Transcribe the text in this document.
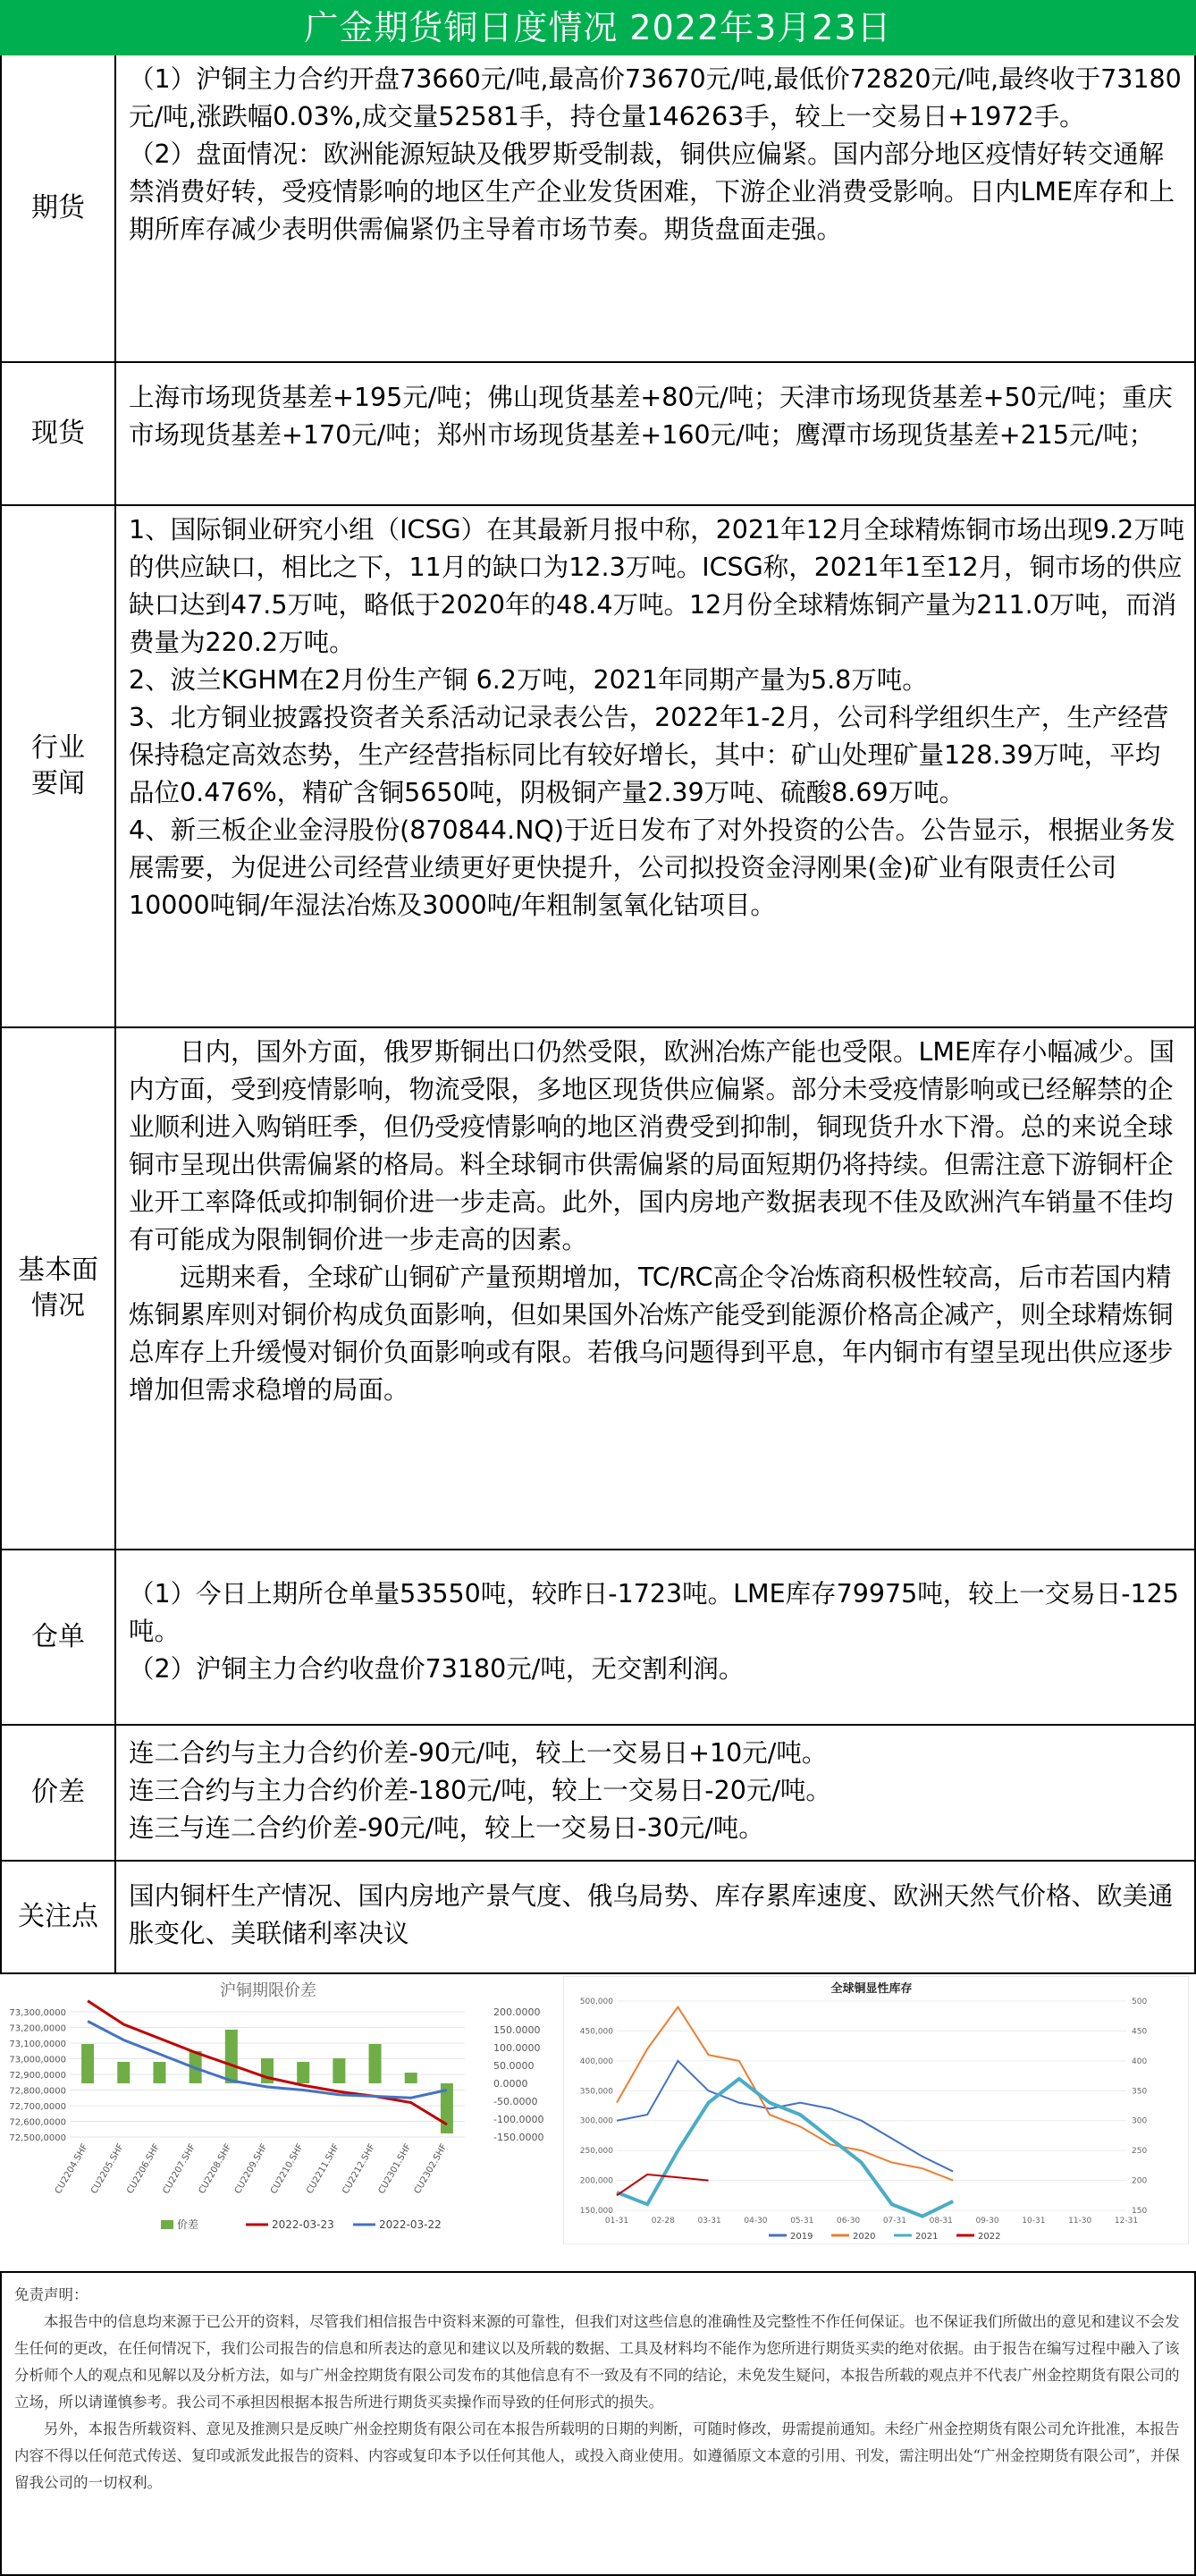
广金期货铜日度情况 2022年3月23日
期货

（1）沪铜主力合约开盘73660元/吨,最高价73670元/吨,最低价72820元/吨,最终收于73180元/吨,涨跌幅0.03%,成交量52581手，持仓量146263手，较上一交易日+1972手。

（2）盘面情况：欧洲能源短缺及俄罗斯受制裁，铜供应偏紧。国内部分地区疫情好转交通解禁消费好转，受疫情影响的地区生产企业发货困难，下游企业消费受影响。日内LME库存和上期所库存减少表明供需偏紧仍主导着市场节奏。期货盘面走强。

现货

上海市场现货基差+195元/吨；佛山现货基差+80元/吨；天津市场现货基差+50元/吨；重庆市场现货基差+170元/吨；郑州市场现货基差+160元/吨；鹰潭市场现货基差+215元/吨；

行业要闻

1、国际铜业研究小组（ICSG）在其最新月报中称，2021年12月全球精炼铜市场出现9.2万吨的供应缺口，相比之下，11月的缺口为12.3万吨。ICSG称，2021年1至12月，铜市场的供应缺口达到47.5万吨，略低于2020年的48.4万吨。12月份全球精炼铜产量为211.0万吨，而消费量为220.2万吨。

2、波兰KGHM在2月份生产铜 6.2万吨，2021年同期产量为5.8万吨。

3、北方铜业披露投资者关系活动记录表公告，2022年1-2月，公司科学组织生产，生产经营保持稳定高效态势，生产经营指标同比有较好增长，其中：矿山处理矿量128.39万吨，平均品位0.476%，精矿含铜5650吨，阴极铜产量2.39万吨、硫酸8.69万吨。

4、新三板企业金浔股份(870844.NQ)于近日发布了对外投资的公告。公告显示，根据业务发展需要，为促进公司经营业绩更好更快提升，公司拟投资金浔刚果(金)矿业有限责任公司10000吨铜/年湿法冶炼及3000吨/年粗制氢氧化钴项目。

基本面情况

日内，国外方面，俄罗斯铜出口仍然受限，欧洲冶炼产能也受限。LME库存小幅减少。国内方面，受到疫情影响，物流受限，多地区现货供应偏紧。部分未受疫情影响或已经解禁的企业顺利进入购销旺季，但仍受疫情影响的地区消费受到抑制，铜现货升水下滑。总的来说全球铜市呈现出供需偏紧的格局。料全球铜市供需偏紧的局面短期仍将持续。但需注意下游铜杆企业开工率降低或抑制铜价进一步走高。此外，国内房地产数据表现不佳及欧洲汽车销量不佳均有可能成为限制铜价进一步走高的因素。

远期来看，全球矿山铜矿产量预期增加，TC/RC高企令冶炼商积极性较高，后市若国内精炼铜累库则对铜价构成负面影响，但如果国外冶炼产能受到能源价格高企减产，则全球精炼铜总库存上升缓慢对铜价负面影响或有限。若俄乌问题得到平息，年内铜市有望呈现出供应逐步增加但需求稳增的局面。

仓单

（1）今日上期所仓单量53550吨，较昨日-1723吨。LME库存79975吨，较上一交易日-125吨。

（2）沪铜主力合约收盘价73180元/吨，无交割利润。

价差

连二合约与主力合约价差-90元/吨，较上一交易日+10元/吨。

连三合约与主力合约价差-180元/吨，较上一交易日-20元/吨。

连三与连二合约价差-90元/吨，较上一交易日-30元/吨。

关注点

国内铜杆生产情况、国内房地产景气度、俄乌局势、库存累库速度、欧洲天然气价格、欧美通胀变化、美联储利率决议

沪铜期限价差
73,300,0000
73,200,0000
73,100,0000
73,000,0000
72,900,0000
72,800,0000
72,700,0000
72,600,0000
72,500,0000
200.0000
150.0000
100.0000
50.0000
0.0000
-50.0000
-100.0000
-150.0000
CU2204.SHF CU2205.SHF CU2206.SHF CU2207.SHF CU2208.SHF CU2209.SHF CU2210.SHF CU2211.SHF CU2212.SHF CU2301.SHF CU2302.SHF
价差	2022-03-23	2022-03-22
全球铜显性库存
500,000
450,000
400,000
350,000
300,000
250,000
200,000
150,000
500
450
400
350
300
250
200
150
01-31	02-28	03-31	04-30	05-31	06-30	07-31	08-31	09-30	10-31	11-30	12-31
2019	2020	2021	2022
免责声明：

本报告中的信息均来源于已公开的资料，尽管我们相信报告中资料来源的可靠性，但我们对这些信息的准确性及完整性不作任何保证。也不保证我们所做出的意见和建议不会发生任何的更改，在任何情况下，我们公司报告的信息和所表达的意见和建议以及所载的数据、工具及材料均不能作为您所进行期货买卖的绝对依据。由于报告在编写过程中融入了该分析师个人的观点和见解以及分析方法，如与广州金控期货有限公司发布的其他信息有不一致及有不同的结论，未免发生疑问，本报告所载的观点并不代表广州金控期货有限公司的立场，所以请谨慎参考。我公司不承担因根据本报告所进行期货买卖操作而导致的任何形式的损失。

另外，本报告所载资料、意见及推测只是反映广州金控期货有限公司在本报告所载明的日期的判断，可随时修改，毋需提前通知。未经广州金控期货有限公司允许批准，本报告内容不得以任何范式传送、复印或派发此报告的资料、内容或复印本予以任何其他人，或投入商业使用。如遵循原文本意的引用、刊发，需注明出处“广州金控期货有限公司”，并保留我公司的一切权利。
